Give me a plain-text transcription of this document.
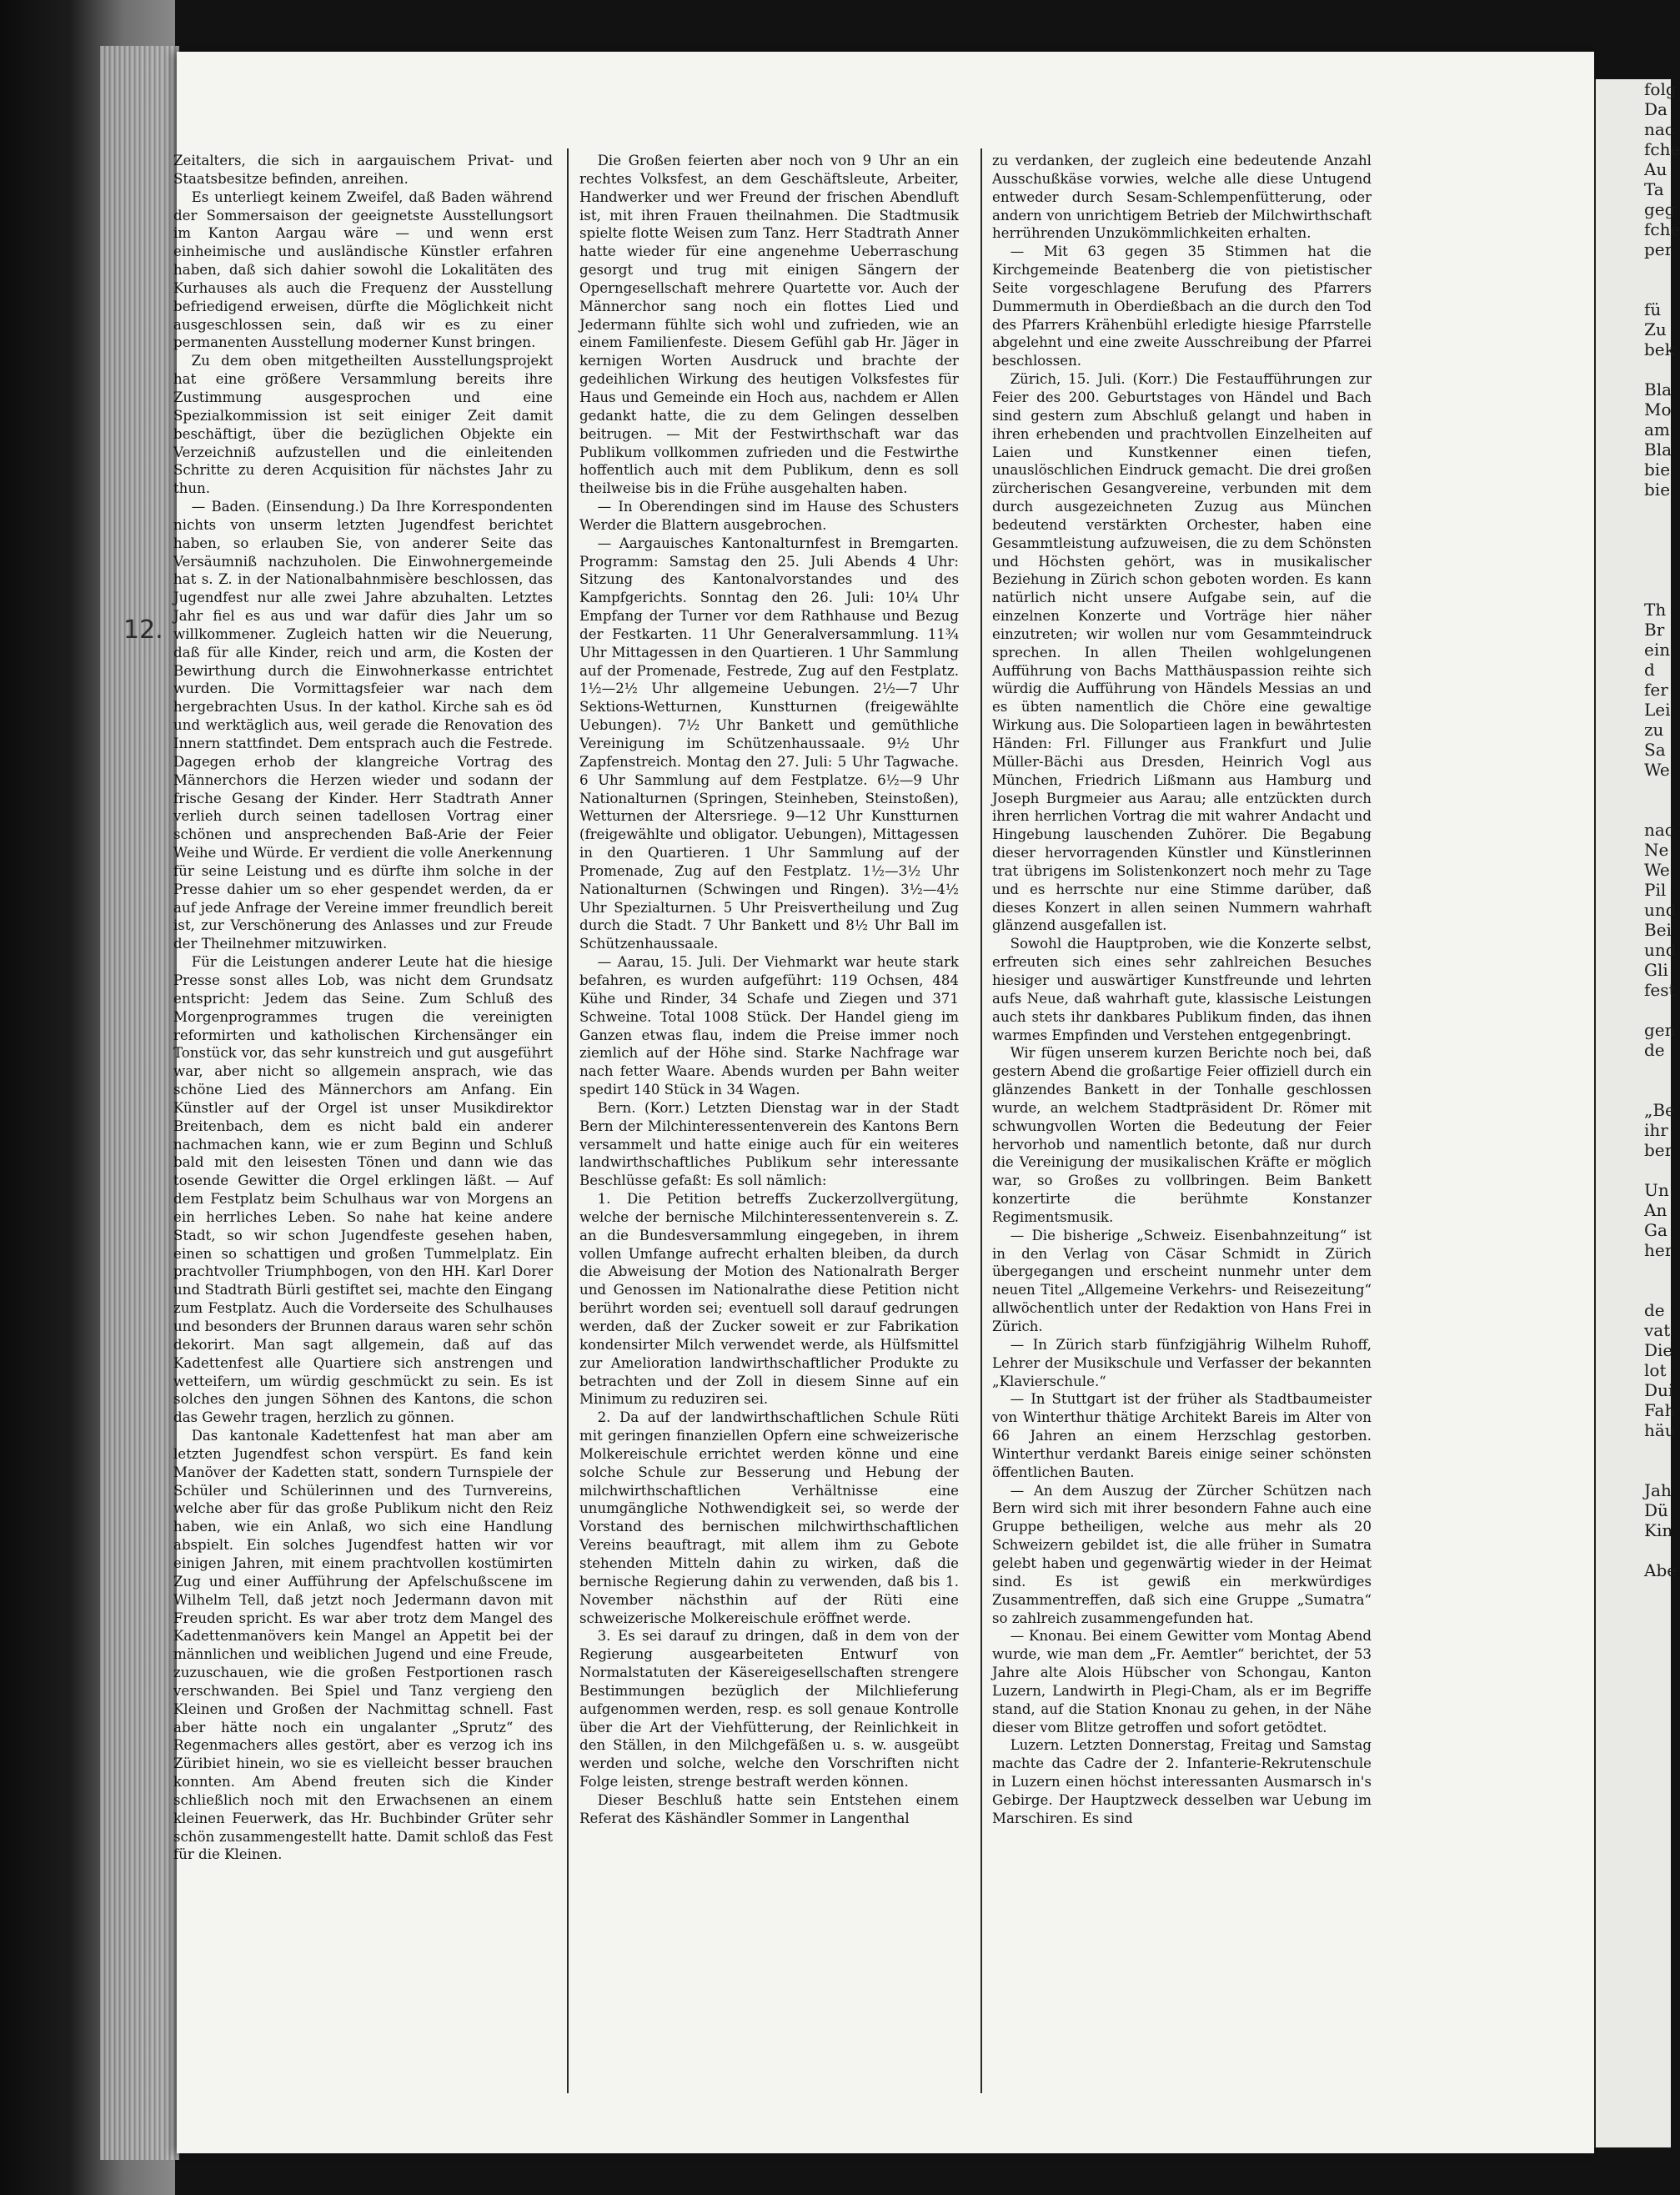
12.

Zeitalters, die sich in aargauischem Privat- und Staatsbesitze befinden, anreihen.

Es unterliegt keinem Zweifel, daß Baden während der Sommersaison der geeignetste Ausstellungsort im Kanton Aargau wäre — und wenn erst einheimische und ausländische Künstler erfahren haben, daß sich dahier sowohl die Lokalitäten des Kurhauses als auch die Frequenz der Ausstellung befriedigend erweisen, dürfte die Möglichkeit nicht ausgeschlossen sein, daß wir es zu einer permanenten Ausstellung moderner Kunst bringen.

Zu dem oben mitgetheilten Ausstellungsprojekt hat eine größere Versammlung bereits ihre Zustimmung ausgesprochen und eine Spezialkommission ist seit einiger Zeit damit beschäftigt, über die bezüglichen Objekte ein Verzeichniß aufzustellen und die einleitenden Schritte zu deren Acquisition für nächstes Jahr zu thun.

— Baden. (Einsendung.) Da Ihre Korrespondenten nichts von unserm letzten Jugendfest berichtet haben, so erlauben Sie, von anderer Seite das Versäumniß nachzuholen. Die Einwohnergemeinde hat s. Z. in der Nationalbahnmisère beschlossen, das Jugendfest nur alle zwei Jahre abzuhalten. Letztes Jahr fiel es aus und war dafür dies Jahr um so willkommener. Zugleich hatten wir die Neuerung, daß für alle Kinder, reich und arm, die Kosten der Bewirthung durch die Einwohnerkasse entrichtet wurden. Die Vormittagsfeier war nach dem hergebrachten Usus. In der kathol. Kirche sah es öd und werktäglich aus, weil gerade die Renovation des Innern stattfindet. Dem entsprach auch die Festrede. Dagegen erhob der klangreiche Vortrag des Männerchors die Herzen wieder und sodann der frische Gesang der Kinder. Herr Stadtrath Anner verlieh durch seinen tadellosen Vortrag einer schönen und ansprechenden Baß-Arie der Feier Weihe und Würde. Er verdient die volle Anerkennung für seine Leistung und es dürfte ihm solche in der Presse dahier um so eher gespendet werden, da er auf jede Anfrage der Vereine immer freundlich bereit ist, zur Verschönerung des Anlasses und zur Freude der Theilnehmer mitzuwirken.

Für die Leistungen anderer Leute hat die hiesige Presse sonst alles Lob, was nicht dem Grundsatz entspricht: Jedem das Seine. Zum Schluß des Morgenprogrammes trugen die vereinigten reformirten und katholischen Kirchensänger ein Tonstück vor, das sehr kunstreich und gut ausgeführt war, aber nicht so allgemein ansprach, wie das schöne Lied des Männerchors am Anfang. Ein Künstler auf der Orgel ist unser Musikdirektor Breitenbach, dem es nicht bald ein anderer nachmachen kann, wie er zum Beginn und Schluß bald mit den leisesten Tönen und dann wie das tosende Gewitter die Orgel erklingen läßt. — Auf dem Festplatz beim Schulhaus war von Morgens an ein herrliches Leben. So nahe hat keine andere Stadt, so wir schon Jugendfeste gesehen haben, einen so schattigen und großen Tummelplatz. Ein prachtvoller Triumphbogen, von den HH. Karl Dorer und Stadtrath Bürli gestiftet sei, machte den Eingang zum Festplatz. Auch die Vorderseite des Schulhauses und besonders der Brunnen daraus waren sehr schön dekorirt. Man sagt allgemein, daß auf das Kadettenfest alle Quartiere sich anstrengen und wetteifern, um würdig geschmückt zu sein. Es ist solches den jungen Söhnen des Kantons, die schon das Gewehr tragen, herzlich zu gönnen.

Das kantonale Kadettenfest hat man aber am letzten Jugendfest schon verspürt. Es fand kein Manöver der Kadetten statt, sondern Turnspiele der Schüler und Schülerinnen und des Turnvereins, welche aber für das große Publikum nicht den Reiz haben, wie ein Anlaß, wo sich eine Handlung abspielt. Ein solches Jugendfest hatten wir vor einigen Jahren, mit einem prachtvollen kostümirten Zug und einer Aufführung der Apfelschußscene im Wilhelm Tell, daß jetzt noch Jedermann davon mit Freuden spricht. Es war aber trotz dem Mangel des Kadettenmanövers kein Mangel an Appetit bei der männlichen und weiblichen Jugend und eine Freude, zuzuschauen, wie die großen Festportionen rasch verschwanden. Bei Spiel und Tanz vergieng den Kleinen und Großen der Nachmittag schnell. Fast aber hätte noch ein ungalanter „Sprutz“ des Regenmachers alles gestört, aber es verzog ich ins Züribiet hinein, wo sie es vielleicht besser brauchen konnten. Am Abend freuten sich die Kinder schließlich noch mit den Erwachsenen an einem kleinen Feuerwerk, das Hr. Buchbinder Grüter sehr schön zusammengestellt hatte. Damit schloß das Fest für die Kleinen.

Die Großen feierten aber noch von 9 Uhr an ein rechtes Volksfest, an dem Geschäftsleute, Arbeiter, Handwerker und wer Freund der frischen Abendluft ist, mit ihren Frauen theilnahmen. Die Stadtmusik spielte flotte Weisen zum Tanz. Herr Stadtrath Anner hatte wieder für eine angenehme Ueberraschung gesorgt und trug mit einigen Sängern der Operngesellschaft mehrere Quartette vor. Auch der Männerchor sang noch ein flottes Lied und Jedermann fühlte sich wohl und zufrieden, wie an einem Familienfeste. Diesem Gefühl gab Hr. Jäger in kernigen Worten Ausdruck und brachte der gedeihlichen Wirkung des heutigen Volksfestes für Haus und Gemeinde ein Hoch aus, nachdem er Allen gedankt hatte, die zu dem Gelingen desselben beitrugen. — Mit der Festwirthschaft war das Publikum vollkommen zufrieden und die Festwirthe hoffentlich auch mit dem Publikum, denn es soll theilweise bis in die Frühe ausgehalten haben.

— In Oberendingen sind im Hause des Schusters Werder die Blattern ausgebrochen.

— Aargauisches Kantonalturnfest in Bremgarten. Programm: Samstag den 25. Juli Abends 4 Uhr: Sitzung des Kantonalvorstandes und des Kampfgerichts. Sonntag den 26. Juli: 10¼ Uhr Empfang der Turner vor dem Rathhause und Bezug der Festkarten. 11 Uhr Generalversammlung. 11¾ Uhr Mittagessen in den Quartieren. 1 Uhr Sammlung auf der Promenade, Festrede, Zug auf den Festplatz. 1½—2½ Uhr allgemeine Uebungen. 2½—7 Uhr Sektions-Wetturnen, Kunstturnen (freigewählte Uebungen). 7½ Uhr Bankett und gemüthliche Vereinigung im Schützenhaussaale. 9½ Uhr Zapfenstreich. Montag den 27. Juli: 5 Uhr Tagwache. 6 Uhr Sammlung auf dem Festplatze. 6½—9 Uhr Nationalturnen (Springen, Steinheben, Steinstoßen), Wetturnen der Altersriege. 9—12 Uhr Kunstturnen (freigewählte und obligator. Uebungen), Mittagessen in den Quartieren. 1 Uhr Sammlung auf der Promenade, Zug auf den Festplatz. 1½—3½ Uhr Nationalturnen (Schwingen und Ringen). 3½—4½ Uhr Spezialturnen. 5 Uhr Preisvertheilung und Zug durch die Stadt. 7 Uhr Bankett und 8½ Uhr Ball im Schützenhaussaale.

— Aarau, 15. Juli. Der Viehmarkt war heute stark befahren, es wurden aufgeführt: 119 Ochsen, 484 Kühe und Rinder, 34 Schafe und Ziegen und 371 Schweine. Total 1008 Stück. Der Handel gieng im Ganzen etwas flau, indem die Preise immer noch ziemlich auf der Höhe sind. Starke Nachfrage war nach fetter Waare. Abends wurden per Bahn weiter spedirt 140 Stück in 34 Wagen.

Bern. (Korr.) Letzten Dienstag war in der Stadt Bern der Milchinteressentenverein des Kantons Bern versammelt und hatte einige auch für ein weiteres landwirthschaftliches Publikum sehr interessante Beschlüsse gefaßt: Es soll nämlich:

1. Die Petition betreffs Zuckerzollvergütung, welche der bernische Milchinteressentenverein s. Z. an die Bundesversammlung eingegeben, in ihrem vollen Umfange aufrecht erhalten bleiben, da durch die Abweisung der Motion des Nationalrath Berger und Genossen im Nationalrathe diese Petition nicht berührt worden sei; eventuell soll darauf gedrungen werden, daß der Zucker soweit er zur Fabrikation kondensirter Milch verwendet werde, als Hülfsmittel zur Amelioration landwirthschaftlicher Produkte zu betrachten und der Zoll in diesem Sinne auf ein Minimum zu reduziren sei.

2. Da auf der landwirthschaftlichen Schule Rüti mit geringen finanziellen Opfern eine schweizerische Molkereischule errichtet werden könne und eine solche Schule zur Besserung und Hebung der milchwirthschaftlichen Verhältnisse eine unumgängliche Nothwendigkeit sei, so werde der Vorstand des bernischen milchwirthschaftlichen Vereins beauftragt, mit allem ihm zu Gebote stehenden Mitteln dahin zu wirken, daß die bernische Regierung dahin zu verwenden, daß bis 1. November nächsthin auf der Rüti eine schweizerische Molkereischule eröffnet werde.

3. Es sei darauf zu dringen, daß in dem von der Regierung ausgearbeiteten Entwurf von Normalstatuten der Käsereigesellschaften strengere Bestimmungen bezüglich der Milchlieferung aufgenommen werden, resp. es soll genaue Kontrolle über die Art der Viehfütterung, der Reinlichkeit in den Ställen, in den Milchgefäßen u. s. w. ausgeübt werden und solche, welche den Vorschriften nicht Folge leisten, strenge bestraft werden können.

Dieser Beschluß hatte sein Entstehen einem Referat des Käshändler Sommer in Langenthal

zu verdanken, der zugleich eine bedeutende Anzahl Ausschußkäse vorwies, welche alle diese Untugend entweder durch Sesam-Schlempenfütterung, oder andern von unrichtigem Betrieb der Milchwirthschaft herrührenden Unzukömmlichkeiten erhalten.

— Mit 63 gegen 35 Stimmen hat die Kirchgemeinde Beatenberg die von pietistischer Seite vorgeschlagene Berufung des Pfarrers Dummermuth in Oberdießbach an die durch den Tod des Pfarrers Krähenbühl erledigte hiesige Pfarrstelle abgelehnt und eine zweite Ausschreibung der Pfarrei beschlossen.

Zürich, 15. Juli. (Korr.) Die Festaufführungen zur Feier des 200. Geburtstages von Händel und Bach sind gestern zum Abschluß gelangt und haben in ihren erhebenden und prachtvollen Einzelheiten auf Laien und Kunstkenner einen tiefen, unauslöschlichen Eindruck gemacht. Die drei großen zürcherischen Gesangvereine, verbunden mit dem durch ausgezeichneten Zuzug aus München bedeutend verstärkten Orchester, haben eine Gesammtleistung aufzuweisen, die zu dem Schönsten und Höchsten gehört, was in musikalischer Beziehung in Zürich schon geboten worden. Es kann natürlich nicht unsere Aufgabe sein, auf die einzelnen Konzerte und Vorträge hier näher einzutreten; wir wollen nur vom Gesammteindruck sprechen. In allen Theilen wohlgelungenen Aufführung von Bachs Matthäuspassion reihte sich würdig die Aufführung von Händels Messias an und es übten namentlich die Chöre eine gewaltige Wirkung aus. Die Solopartieen lagen in bewährtesten Händen: Frl. Fillunger aus Frankfurt und Julie Müller-Bächi aus Dresden, Heinrich Vogl aus München, Friedrich Lißmann aus Hamburg und Joseph Burgmeier aus Aarau; alle entzückten durch ihren herrlichen Vortrag die mit wahrer Andacht und Hingebung lauschenden Zuhörer. Die Begabung dieser hervorragenden Künstler und Künstlerinnen trat übrigens im Solistenkonzert noch mehr zu Tage und es herrschte nur eine Stimme darüber, daß dieses Konzert in allen seinen Nummern wahrhaft glänzend ausgefallen ist.

Sowohl die Hauptproben, wie die Konzerte selbst, erfreuten sich eines sehr zahlreichen Besuches hiesiger und auswärtiger Kunstfreunde und lehrten aufs Neue, daß wahrhaft gute, klassische Leistungen auch stets ihr dankbares Publikum finden, das ihnen warmes Empfinden und Verstehen entgegenbringt.

Wir fügen unserem kurzen Berichte noch bei, daß gestern Abend die großartige Feier offiziell durch ein glänzendes Bankett in der Tonhalle geschlossen wurde, an welchem Stadtpräsident Dr. Römer mit schwungvollen Worten die Bedeutung der Feier hervorhob und namentlich betonte, daß nur durch die Vereinigung der musikalischen Kräfte er möglich war, so Großes zu vollbringen. Beim Bankett konzertirte die berühmte Konstanzer Regimentsmusik.

— Die bisherige „Schweiz. Eisenbahnzeitung“ ist in den Verlag von Cäsar Schmidt in Zürich übergegangen und erscheint nunmehr unter dem neuen Titel „Allgemeine Verkehrs- und Reisezeitung“ allwöchentlich unter der Redaktion von Hans Frei in Zürich.

— In Zürich starb fünfzigjährig Wilhelm Ruhoff, Lehrer der Musikschule und Verfasser der bekannten „Klavierschule.“

— In Stuttgart ist der früher als Stadtbaumeister von Winterthur thätige Architekt Bareis im Alter von 66 Jahren an einem Herzschlag gestorben. Winterthur verdankt Bareis einige seiner schönsten öffentlichen Bauten.

— An dem Auszug der Zürcher Schützen nach Bern wird sich mit ihrer besondern Fahne auch eine Gruppe betheiligen, welche aus mehr als 20 Schweizern gebildet ist, die alle früher in Sumatra gelebt haben und gegenwärtig wieder in der Heimat sind. Es ist gewiß ein merkwürdiges Zusammentreffen, daß sich eine Gruppe „Sumatra“ so zahlreich zusammengefunden hat.

— Knonau. Bei einem Gewitter vom Montag Abend wurde, wie man dem „Fr. Aemtler“ berichtet, der 53 Jahre alte Alois Hübscher von Schongau, Kanton Luzern, Landwirth in Plegi-Cham, als er im Begriffe stand, auf die Station Knonau zu gehen, in der Nähe dieser vom Blitze getroffen und sofort getödtet.

Luzern. Letzten Donnerstag, Freitag und Samstag machte das Cadre der 2. Infanterie-Rekrutenschule in Luzern einen höchst interessanten Ausmarsch in's Gebirge. Der Hauptzweck desselben war Uebung im Marschiren. Es sind

folg
Da
nac
fche
Au
Ta
geg
fche
per
fü
Zu
bek
Bla
Mo
am
Bla
bie
bie
Th
Br
ein
d
fer
Lei
zu
Sa
We
nac
Ne
We
Pil
und
Bei
und
Gli
fest
gen
de
„Be
ihr
ber
Un
An
Ga
her
de
vat
Die
lot
Dui
Fah
häu
Jah
Dü
Kin
Abe
